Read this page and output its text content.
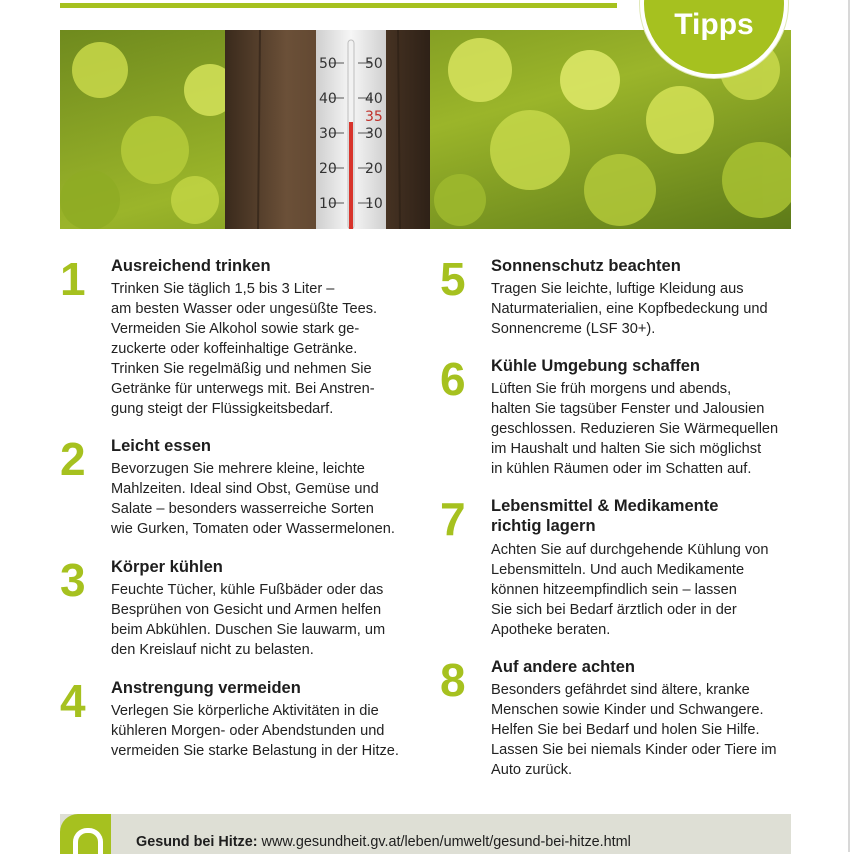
50
40
30
20
10
50
40
35
30
20
10
Tipps
1	Ausreichend trinken
Trinken Sie täglich 1,5 bis 3 Liter –
am besten Wasser oder ungesüßte Tees.
Vermeiden Sie Alkohol sowie stark ge-
zuckerte oder koffeinhaltige Getränke.
Trinken Sie regelmäßig und nehmen Sie
Getränke für unterwegs mit. Bei Anstren-
gung steigt der Flüssigkeitsbedarf.
2	Leicht essen
Bevorzugen Sie mehrere kleine, leichte
Mahlzeiten. Ideal sind Obst, Gemüse und
Salate – besonders wasserreiche Sorten
wie Gurken, Tomaten oder Wassermelonen.
3	Körper kühlen
Feuchte Tücher, kühle Fußbäder oder das
Besprühen von Gesicht und Armen helfen
beim Abkühlen. Duschen Sie lauwarm, um
den Kreislauf nicht zu belasten.
4	Anstrengung vermeiden
Verlegen Sie körperliche Aktivitäten in die
kühleren Morgen- oder Abendstunden und
vermeiden Sie starke Belastung in der Hitze.
5	Sonnenschutz beachten
Tragen Sie leichte, luftige Kleidung aus
Naturmaterialien, eine Kopfbedeckung und
Sonnencreme (LSF 30+).
6	Kühle Umgebung schaffen
Lüften Sie früh morgens und abends,
halten Sie tagsüber Fenster und Jalousien
geschlossen. Reduzieren Sie Wärmequellen
im Haushalt und halten Sie sich möglichst
in kühlen Räumen oder im Schatten auf.
7	Lebensmittel & Medikamente
richtig lagern
Achten Sie auf durchgehende Kühlung von
Lebensmitteln. Und auch Medikamente
können hitzeempfindlich sein – lassen
Sie sich bei Bedarf ärztlich oder in der
Apotheke beraten.
8	Auf andere achten
Besonders gefährdet sind ältere, kranke
Menschen sowie Kinder und Schwangere.
Helfen Sie bei Bedarf und holen Sie Hilfe.
Lassen Sie bei niemals Kinder oder Tiere im
Auto zurück.
Gesund bei Hitze: www.gesundheit.gv.at/leben/umwelt/gesund-bei-hitze.html
